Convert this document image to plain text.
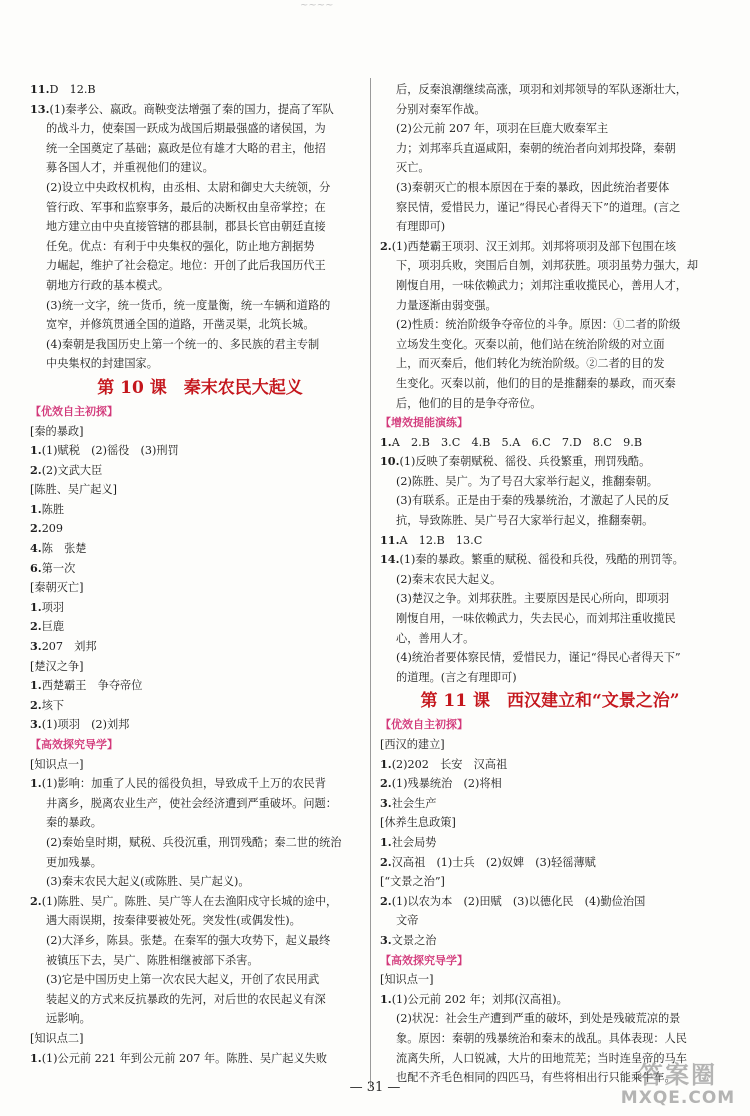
~~~~
11.D　12.B
13.(1)秦孝公、嬴政。商鞅变法增强了秦的国力，提高了军队
的战斗力，使秦国一跃成为战国后期最强盛的诸侯国，为
统一全国奠定了基础；嬴政是位有雄才大略的君主，他招
募各国人才，并重视他们的建议。
(2)设立中央政权机构，由丞相、太尉和御史大夫统领，分
管行政、军事和监察事务，最后的决断权由皇帝掌控；在
地方建立由中央直接管辖的郡县制，郡县长官由朝廷直接
任免。优点：有利于中央集权的强化，防止地方割据势
力崛起，维护了社会稳定。地位：开创了此后我国历代王
朝地方行政的基本模式。
(3)统一文字，统一货币，统一度量衡，统一车辆和道路的
宽窄，并修筑贯通全国的道路，开凿灵渠，北筑长城。
(4)秦朝是我国历史上第一个统一的、多民族的君主专制
中央集权的封建国家。
第 10 课　秦末农民大起义
【优效自主初探】
[秦的暴政]
1.(1)赋税　(2)徭役　(3)刑罚
2.(2)文武大臣
[陈胜、吴广起义]
1.陈胜
2.209
4.陈　张楚
6.第一次
[秦朝灭亡]
1.项羽
2.巨鹿
3.207　刘邦
[楚汉之争]
1.西楚霸王　争夺帝位
2.垓下
3.(1)项羽　(2)刘邦
【高效探究导学】
[知识点一]
1.(1)影响：加重了人民的徭役负担，导致成千上万的农民背
井离乡，脱离农业生产，使社会经济遭到严重破坏。问题：
秦的暴政。
(2)秦始皇时期，赋税、兵役沉重，刑罚残酷；秦二世的统治
更加残暴。
(3)秦末农民大起义(或陈胜、吴广起义)。
2.(1)陈胜、吴广。陈胜、吴广等人在去渔阳戍守长城的途中，
遇大雨误期，按秦律要被处死。突发性(或偶发性)。
(2)大泽乡，陈县。张楚。在秦军的强大攻势下，起义最终
被镇压下去，吴广、陈胜相继被部下杀害。
(3)它是中国历史上第一次农民大起义，开创了农民用武
装起义的方式来反抗暴政的先河，对后世的农民起义有深
远影响。
[知识点二]
1.(1)公元前 221 年到公元前 207 年。陈胜、吴广起义失败
后，反秦浪潮继续高涨，项羽和刘邦领导的军队逐渐壮大，
分别对秦军作战。
(2)公元前 207 年，项羽在巨鹿大败秦军主
力；刘邦率兵直逼咸阳，秦朝的统治者向刘邦投降，秦朝
灭亡。
(3)秦朝灭亡的根本原因在于秦的暴政，因此统治者要体
察民情，爱惜民力，谨记“得民心者得天下”的道理。(言之
有理即可)
2.(1)西楚霸王项羽、汉王刘邦。刘邦将项羽及部下包围在垓
下，项羽兵败，突围后自刎，刘邦获胜。项羽虽势力强大，却
刚愎自用，一味依赖武力；刘邦注重收揽民心，善用人才，
力量逐渐由弱变强。
(2)性质：统治阶级争夺帝位的斗争。原因：①二者的阶级
立场发生变化。灭秦以前，他们站在统治阶级的对立面
上，而灭秦后，他们转化为统治阶级。②二者的目的发
生变化。灭秦以前，他们的目的是推翻秦的暴政，而灭秦
后，他们的目的是争夺帝位。
【增效提能演练】
1.A　2.B　3.C　4.B　5.A　6.C　7.D　8.C　9.B
10.(1)反映了秦朝赋税、徭役、兵役繁重，刑罚残酷。
(2)陈胜、吴广。为了号召大家举行起义，推翻秦朝。
(3)有联系。正是由于秦的残暴统治，才激起了人民的反
抗，导致陈胜、吴广号召大家举行起义，推翻秦朝。
11.A　12.B　13.C
14.(1)秦的暴政。繁重的赋税、徭役和兵役，残酷的刑罚等。
(2)秦末农民大起义。
(3)楚汉之争。刘邦获胜。主要原因是民心所向，即项羽
刚愎自用，一味依赖武力，失去民心，而刘邦注重收揽民
心，善用人才。
(4)统治者要体察民情，爱惜民力，谨记“得民心者得天下”
的道理。(言之有理即可)
第 11 课　西汉建立和“文景之治”
【优效自主初探】
[西汉的建立]
1.(2)202　长安　汉高祖
2.(1)残暴统治　(2)将相
3.社会生产
[休养生息政策]
1.社会局势
2.汉高祖　(1)士兵　(2)奴婢　(3)轻徭薄赋
[“文景之治”]
2.(1)以农为本　(2)田赋　(3)以德化民　(4)勤俭治国
文帝
3.文景之治
【高效探究导学】
[知识点一]
1.(1)公元前 202 年；刘邦(汉高祖)。
(2)状况：社会生产遭到严重的破坏，到处是残破荒凉的景
象。原因：秦朝的残暴统治和秦末的战乱。具体表现：人民
流离失所，人口锐减，大片的田地荒芜；当时连皇帝的马车
也配不齐毛色相同的四匹马，有些将相出行只能乘牛车。
— 31 —	答案圈
MXQE.COM
